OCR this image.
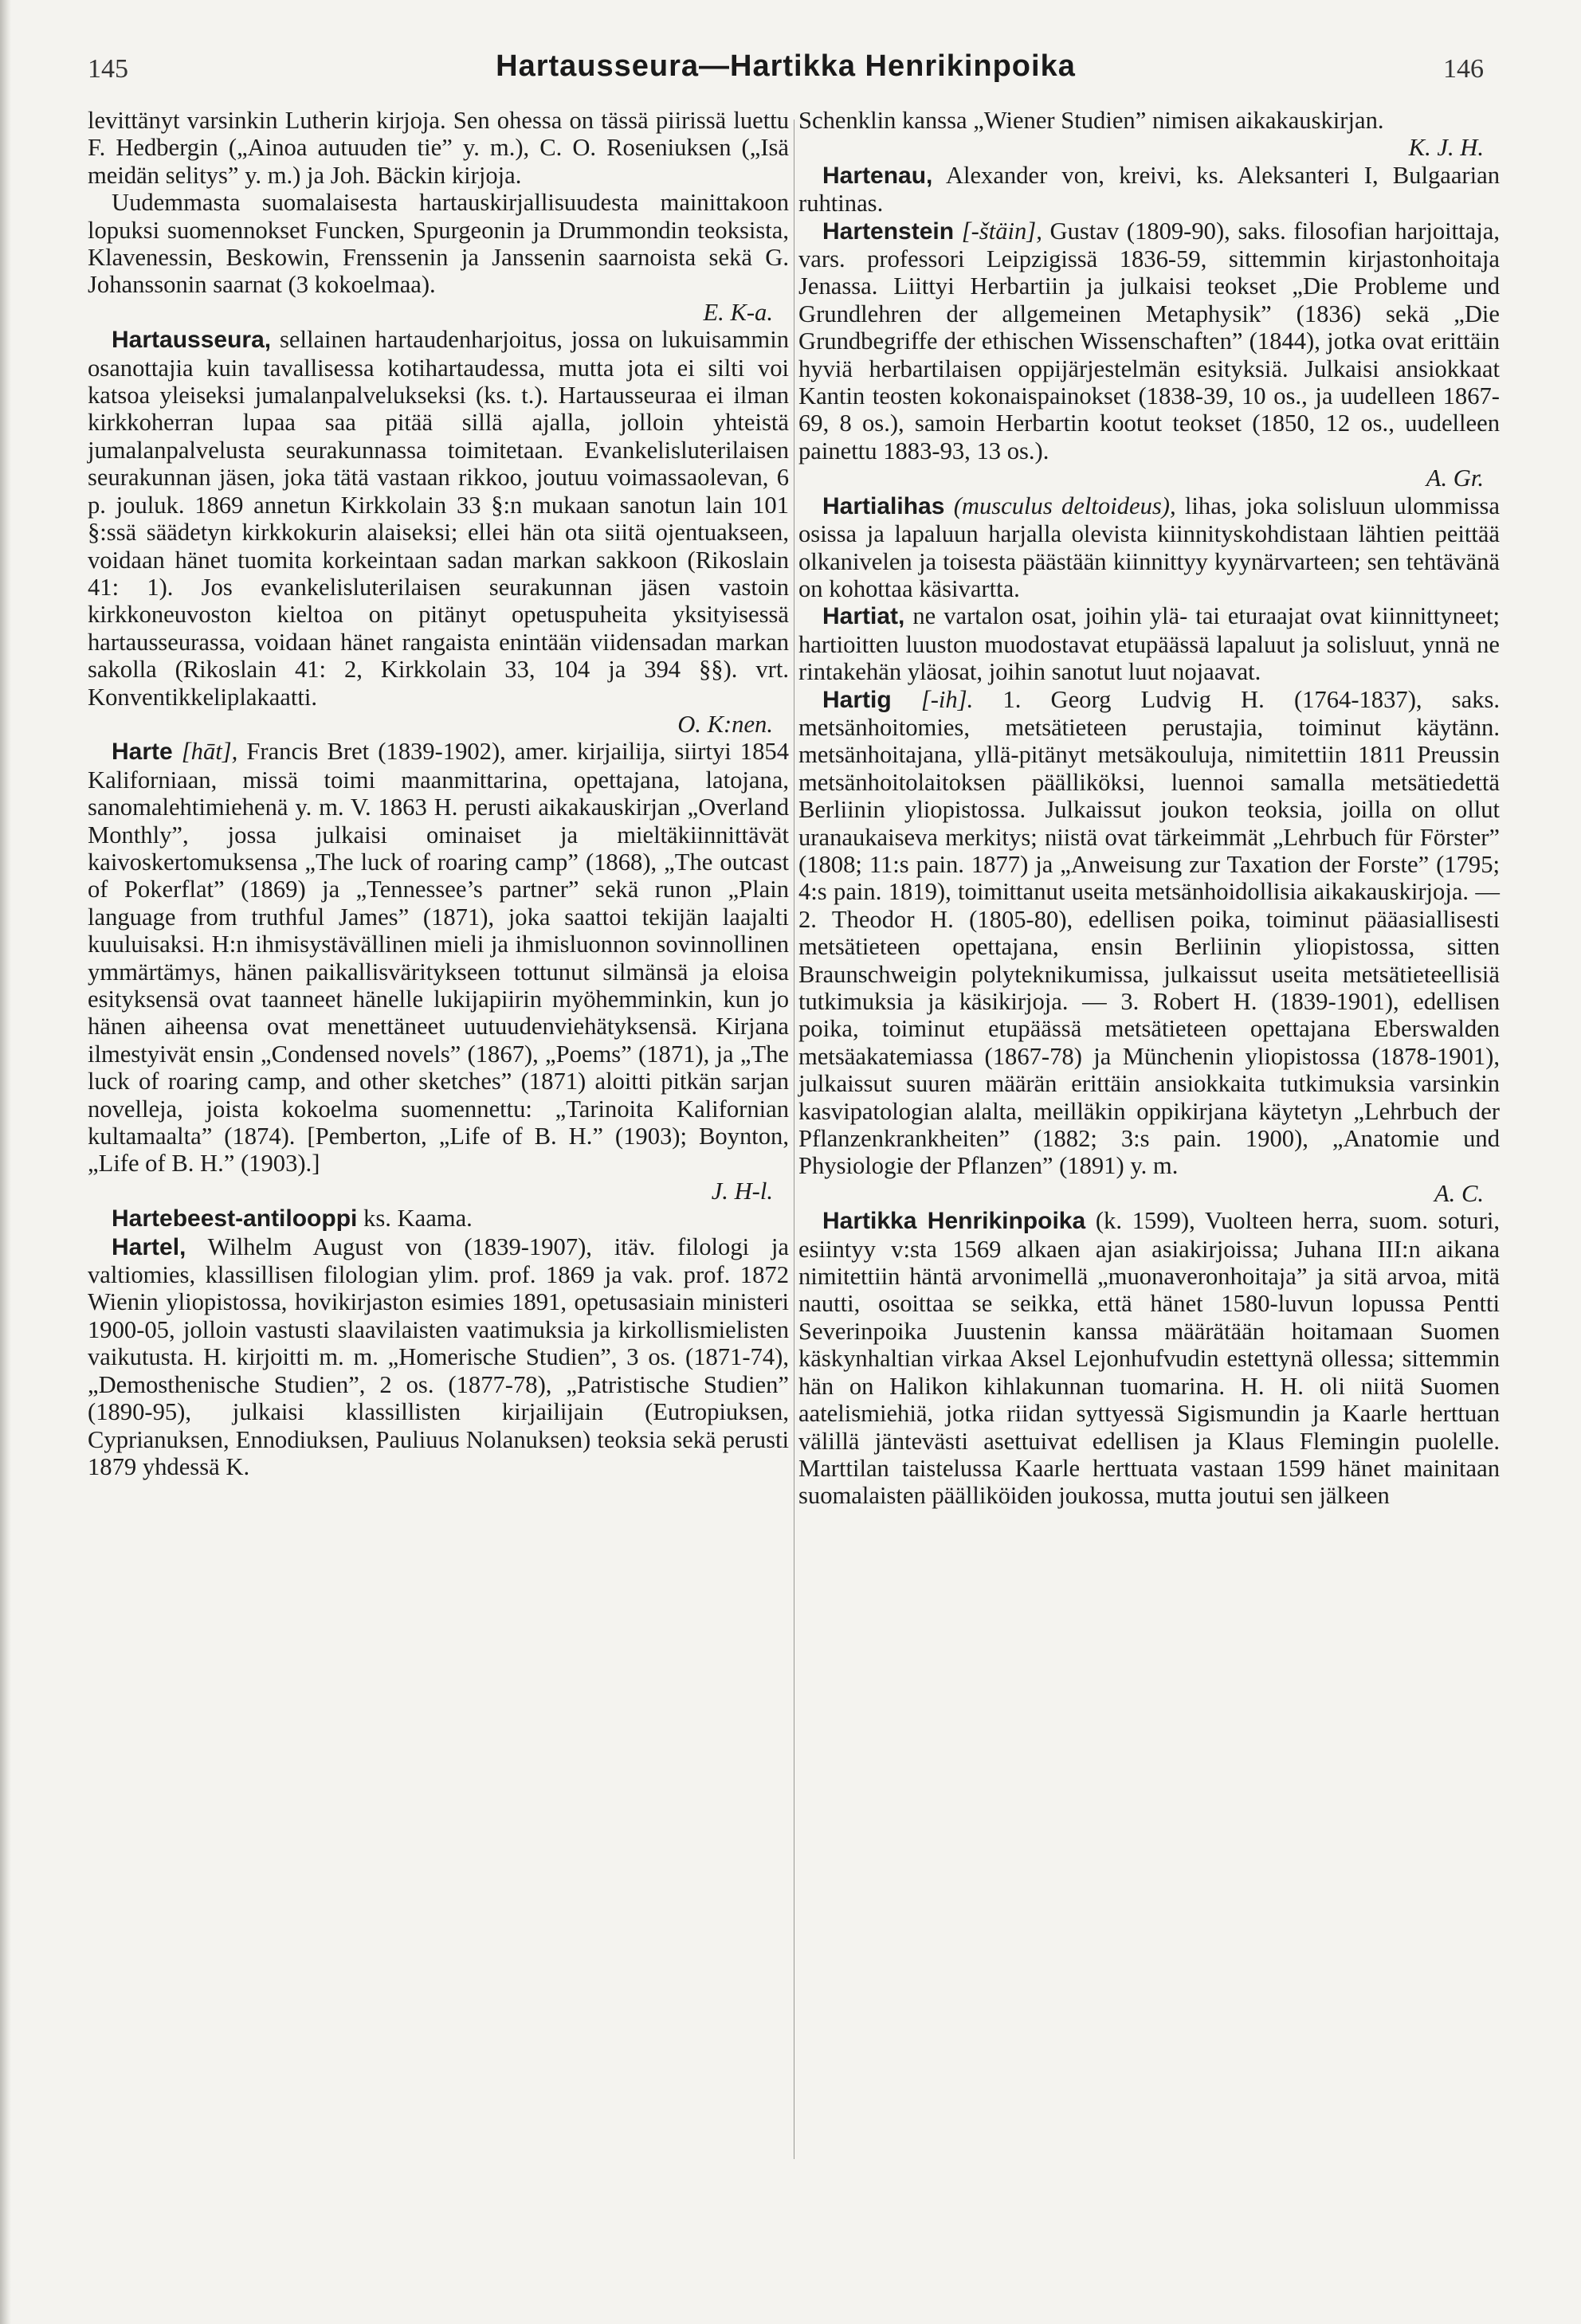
145	Hartausseura—Hartikka Henrikinpoika	146

levittänyt varsinkin Lutherin kirjoja. Sen ohessa on tässä piirissä luettu F. Hedbergin („Ainoa autuuden tie” y. m.), C. O. Roseniuksen („Isä meidän selitys” y. m.) ja Joh. Bäckin kirjoja.

Uudemmasta suomalaisesta hartauskirjallisuudesta mainittakoon lopuksi suomennokset Funcken, Spurgeonin ja Drummondin teoksista, Klavenessin, Beskowin, Frenssenin ja Janssenin saarnoista sekä G. Johanssonin saarnat (3 kokoelmaa).
E. K-a.

Hartausseura, sellainen hartaudenharjoitus, jossa on lukuisammin osanottajia kuin tavallisessa kotihartaudessa, mutta jota ei silti voi katsoa yleiseksi jumalanpalvelukseksi (ks. t.). Hartausseuraa ei ilman kirkkoherran lupaa saa pitää sillä ajalla, jolloin yhteistä jumalanpalvelusta seurakunnassa toimitetaan. Evankelisluterilaisen seurakunnan jäsen, joka tätä vastaan rikkoo, joutuu voimassaolevan, 6 p. jouluk. 1869 annetun Kirkkolain 33 §:n mukaan sanotun lain 101 §:ssä säädetyn kirkkokurin alaiseksi; ellei hän ota siitä ojentuakseen, voidaan hänet tuomita korkeintaan sadan markan sakkoon (Rikoslain 41: 1). Jos evankelisluterilaisen seurakunnan jäsen vastoin kirkkoneuvoston kieltoa on pitänyt opetuspuheita yksityisessä hartausseurassa, voidaan hänet rangaista enintään viidensadan markan sakolla (Rikoslain 41: 2, Kirkkolain 33, 104 ja 394 §§). vrt. Konventikkeliplakaatti.
O. K:nen.

Harte [hāt], Francis Bret (1839-1902), amer. kirjailija, siirtyi 1854 Kaliforniaan, missä toimi maanmittarina, opettajana, latojana, sanomalehtimiehenä y. m. V. 1863 H. perusti aikakauskirjan „Overland Monthly”, jossa julkaisi ominaiset ja mieltäkiinnittävät kaivoskertomuksensa „The luck of roaring camp” (1868), „The outcast of Pokerflat” (1869) ja „Tennessee’s partner” sekä runon „Plain language from truthful James” (1871), joka saattoi tekijän laajalti kuuluisaksi. H:n ihmisystävällinen mieli ja ihmisluonnon sovinnollinen ymmärtämys, hänen paikallisväritykseen tottunut silmänsä ja eloisa esityksensä ovat taanneet hänelle lukijapiirin myöhemminkin, kun jo hänen aiheensa ovat menettäneet uutuudenviehätyksensä. Kirjana ilmestyivät ensin „Condensed novels” (1867), „Poems” (1871), ja „The luck of roaring camp, and other sketches” (1871) aloitti pitkän sarjan novelleja, joista kokoelma suomennettu: „Tarinoita Kalifornian kultamaalta” (1874). [Pemberton, „Life of B. H.” (1903); Boynton, „Life of B. H.” (1903).]
J. H-l.

Hartebeest-antilooppi ks. Kaama.

Hartel, Wilhelm August von (1839-1907), itäv. filologi ja valtiomies, klassillisen filologian ylim. prof. 1869 ja vak. prof. 1872 Wienin yliopistossa, hovikirjaston esimies 1891, opetusasiain ministeri 1900-05, jolloin vastusti slaavilaisten vaatimuksia ja kirkollismielisten vaikutusta. H. kirjoitti m. m. „Homerische Studien”, 3 os. (1871-74), „Demosthenische Studien”, 2 os. (1877-78), „Patristische Studien” (1890-95), julkaisi klassillisten kirjailijain (Eutropiuksen, Cyprianuksen, Ennodiuksen, Pauliuus Nolanuksen) teoksia sekä perusti 1879 yhdessä K.

Schenklin kanssa „Wiener Studien” nimisen aikakauskirjan.
K. J. H.

Hartenau, Alexander von, kreivi, ks. Aleksanteri I, Bulgaarian ruhtinas.

Hartenstein [-štäin], Gustav (1809-90), saks. filosofian harjoittaja, vars. professori Leipzigissä 1836-59, sittemmin kirjastonhoitaja Jenassa. Liittyi Herbartiin ja julkaisi teokset „Die Probleme und Grundlehren der allgemeinen Metaphysik” (1836) sekä „Die Grundbegriffe der ethischen Wissenschaften” (1844), jotka ovat erittäin hyviä herbartilaisen oppijärjestelmän esityksiä. Julkaisi ansiokkaat Kantin teosten kokonaispainokset (1838-39, 10 os., ja uudelleen 1867-69, 8 os.), samoin Herbartin kootut teokset (1850, 12 os., uudelleen painettu 1883-93, 13 os.).
A. Gr.

Hartialihas (musculus deltoideus), lihas, joka solisluun ulommissa osissa ja lapaluun harjalla olevista kiinnityskohdistaan lähtien peittää olkanivelen ja toisesta päästään kiinnittyy kyynärvarteen; sen tehtävänä on kohottaa käsivartta.

Hartiat, ne vartalon osat, joihin ylä- tai eturaajat ovat kiinnittyneet; hartioitten luuston muodostavat etupäässä lapaluut ja solisluut, ynnä ne rintakehän yläosat, joihin sanotut luut nojaavat.

Hartig [-ih]. 1. Georg Ludvig H. (1764-1837), saks. metsänhoitomies, metsätieteen perustajia, toiminut käytänn. metsänhoitajana, yllä-pitänyt metsäkouluja, nimitettiin 1811 Preussin metsänhoitolaitoksen päälliköksi, luennoi samalla metsätiedettä Berliinin yliopistossa. Julkaissut joukon teoksia, joilla on ollut uranaukaiseva merkitys; niistä ovat tärkeimmät „Lehrbuch für Förster” (1808; 11:s pain. 1877) ja „Anweisung zur Taxation der Forste” (1795; 4:s pain. 1819), toimittanut useita metsänhoidollisia aikakauskirjoja. — 2. Theodor H. (1805-80), edellisen poika, toiminut pääasiallisesti metsätieteen opettajana, ensin Berliinin yliopistossa, sitten Braunschweigin polyteknikumissa, julkaissut useita metsätieteellisiä tutkimuksia ja käsikirjoja. — 3. Robert H. (1839-1901), edellisen poika, toiminut etupäässä metsätieteen opettajana Eberswalden metsäakatemiassa (1867-78) ja Münchenin yliopistossa (1878-1901), julkaissut suuren määrän erittäin ansiokkaita tutkimuksia varsinkin kasvipatologian alalta, meilläkin oppikirjana käytetyn „Lehrbuch der Pflanzenkrankheiten” (1882; 3:s pain. 1900), „Anatomie und Physiologie der Pflanzen” (1891) y. m.
A. C.

Hartikka Henrikinpoika (k. 1599), Vuolteen herra, suom. soturi, esiintyy v:sta 1569 alkaen ajan asiakirjoissa; Juhana III:n aikana nimitettiin häntä arvonimellä „muonaveronhoitaja” ja sitä arvoa, mitä nautti, osoittaa se seikka, että hänet 1580-luvun lopussa Pentti Severinpoika Juustenin kanssa määrätään hoitamaan Suomen käskynhaltian virkaa Aksel Lejonhufvudin estettynä ollessa; sittemmin hän on Halikon kihlakunnan tuomarina. H. H. oli niitä Suomen aatelismiehiä, jotka riidan syttyessä Sigismundin ja Kaarle herttuan välillä jäntevästi asettuivat edellisen ja Klaus Flemingin puolelle. Marttilan taistelussa Kaarle herttuata vastaan 1599 hänet mainitaan suomalaisten päälliköiden joukossa, mutta joutui sen jälkeen
